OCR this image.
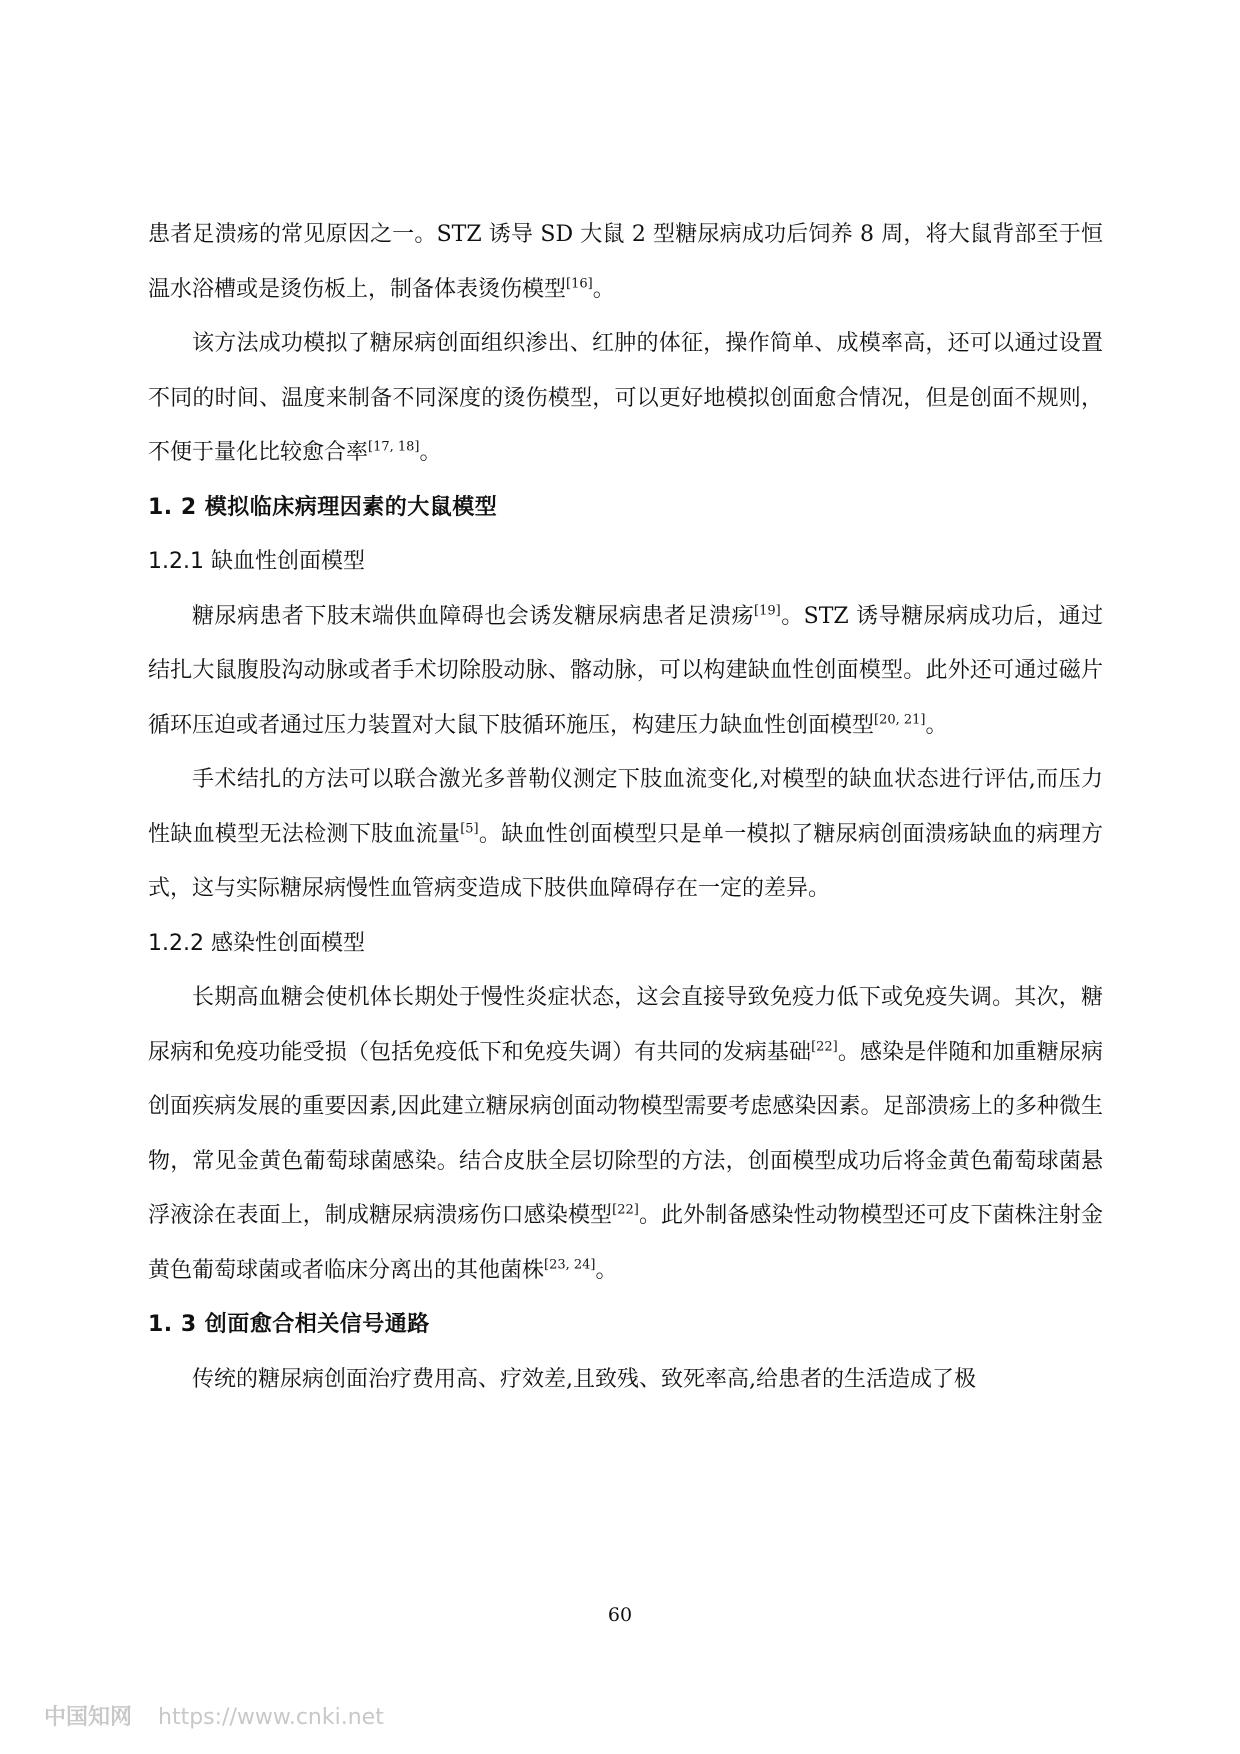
患者足溃疡的常见原因之一。STZ 诱导 SD 大鼠 2 型糖尿病成功后饲养 8 周，将大鼠背部至于恒温水浴槽或是烫伤板上，制备体表烫伤模型[16]。

该方法成功模拟了糖尿病创面组织渗出、红肿的体征，操作简单、成模率高，还可以通过设置不同的时间、温度来制备不同深度的烫伤模型，可以更好地模拟创面愈合情况，但是创面不规则，不便于量化比较愈合率[17, 18]。

1. 2 模拟临床病理因素的大鼠模型
1.2.1 缺血性创面模型

糖尿病患者下肢末端供血障碍也会诱发糖尿病患者足溃疡[19]。STZ 诱导糖尿病成功后，通过结扎大鼠腹股沟动脉或者手术切除股动脉、髂动脉，可以构建缺血性创面模型。此外还可通过磁片循环压迫或者通过压力装置对大鼠下肢循环施压，构建压力缺血性创面模型[20, 21]。

手术结扎的方法可以联合激光多普勒仪测定下肢血流变化,对模型的缺血状态进行评估,而压力性缺血模型无法检测下肢血流量[5]。缺血性创面模型只是单一模拟了糖尿病创面溃疡缺血的病理方式，这与实际糖尿病慢性血管病变造成下肢供血障碍存在一定的差异。

1.2.2 感染性创面模型

长期高血糖会使机体长期处于慢性炎症状态，这会直接导致免疫力低下或免疫失调。其次，糖尿病和免疫功能受损（包括免疫低下和免疫失调）有共同的发病基础[22]。感染是伴随和加重糖尿病创面疾病发展的重要因素,因此建立糖尿病创面动物模型需要考虑感染因素。足部溃疡上的多种微生物，常见金黄色葡萄球菌感染。结合皮肤全层切除型的方法，创面模型成功后将金黄色葡萄球菌悬浮液涂在表面上，制成糖尿病溃疡伤口感染模型[22]。此外制备感染性动物模型还可皮下菌株注射金黄色葡萄球菌或者临床分离出的其他菌株[23, 24]。

1. 3 创面愈合相关信号通路

传统的糖尿病创面治疗费用高、疗效差,且致残、致死率高,给患者的生活造成了极

60
中国知网 https://www.cnki.net
